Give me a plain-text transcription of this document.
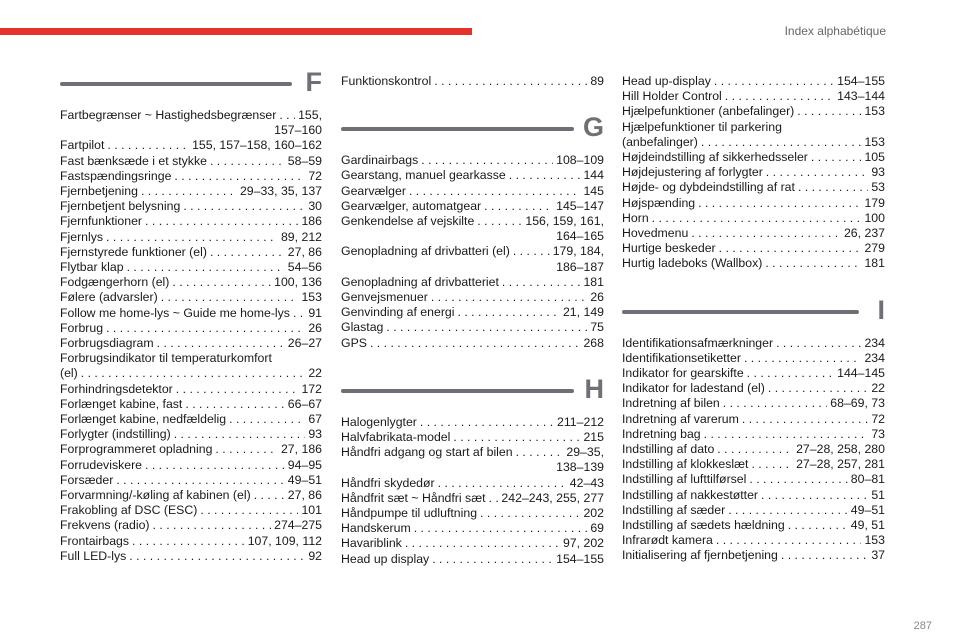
Index alphabétique
F
Fartbegrænser ~ Hastighedsbegrænser . . . 155,
157–160
Fartpilot . . .	155, 157–158, 160–162
Fast bænksæde i et stykke . . .	58–59
Fastspændingsringe . . .	72
Fjernbetjening . . .	29–33, 35, 137
Fjernbetjent belysning . . .	30
Fjernfunktioner . . .	186
Fjernlys . . .	89, 212
Fjernstyrede funktioner (el) . . .	27, 86
Flytbar klap . . .	54–56
Fodgængerhorn (el) . . .	100, 136
Følere (advarsler) . . .	153
Follow me home-lys ~ Guide me home-lys . . . 91
Forbrug . . .	26
Forbrugsdiagram . . .	26–27
Forbrugsindikator til temperaturkomfort
(el) . . .	22
Forhindringsdetektor . . .	172
Forlænget kabine, fast . . .	66–67
Forlænget kabine, nedfældelig . . .	67
Forlygter (indstilling) . . .	93
Forprogrammeret opladning . . .	27, 186
Forrudeviskere . . .	94–95
Forsæder . . .	49–51
Forvarmning/-køling af kabinen (el) . . .	27, 86
Frakobling af DSC (ESC) . . .	101
Frekvens (radio) . . .	274–275
Frontairbags . . .	107, 109, 112
Full LED-lys . . .	92
Funktionskontrol . . .	89
G
Gardinairbags . . .	108–109
Gearstang, manuel gearkasse . . .	144
Gearvælger . . .	145
Gearvælger, automatgear . . .	145–147
Genkendelse af vejskilte . . .	156, 159, 161,
164–165
Genopladning af drivbatteri (el) . . .	179, 184,
186–187
Genopladning af drivbatteriet . . .	181
Genvejsmenuer . . .	26
Genvinding af energi . . .	21, 149
Glastag . . .	75
GPS . . .	268
H
Halogenlygter . . .	211–212
Halvfabrikata-model . . .	215
Håndfri adgang og start af bilen . . .	29–35,
138–139
Håndfri skydedør . . .	42–43
Håndfrit sæt ~ Håndfri sæt . . . 242–243, 255, 277
Håndpumpe til udluftning . . .	202
Handskerum . . .	69
Havariblink . . .	97, 202
Head up display . . .	154–155
Head up-display . . .	154–155
Hill Holder Control . . .	143–144
Hjælpefunktioner (anbefalinger) . . .	153
Hjælpefunktioner til parkering
(anbefalinger) . . .	153
Højdeindstilling af sikkerhedsseler . . .	105
Højdejustering af forlygter . . .	93
Højde- og dybdeindstilling af rat . . .	53
Højspænding . . .	179
Horn . . .	100
Hovedmenu . . .	26, 237
Hurtige beskeder . . .	279
Hurtig ladeboks (Wallbox) . . .	181
I
Identifikationsafmærkninger . . .	234
Identifikationsetiketter . . .	234
Indikator for gearskifte . . .	144–145
Indikator for ladestand (el) . . .	22
Indretning af bilen . . .	68–69, 73
Indretning af varerum . . .	72
Indretning bag . . .	73
Indstilling af dato . . .	27–28, 258, 280
Indstilling af klokkeslæt . . .	27–28, 257, 281
Indstilling af lufttilførsel . . .	80–81
Indstilling af nakkestøtter . . .	51
Indstilling af sæder . . .	49–51
Indstilling af sædets hældning . . .	49, 51
Infrarødt kamera . . .	153
Initialisering af fjernbetjening . . .	37
287
